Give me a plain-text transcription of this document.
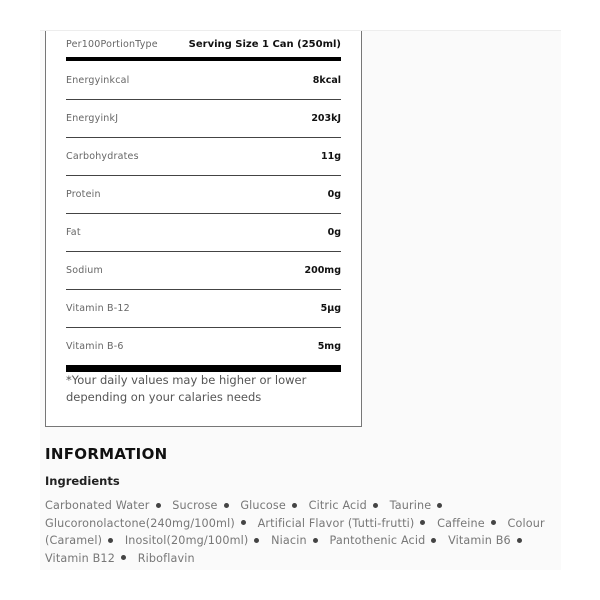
Per100PortionType	Serving Size 1 Can (250ml)
Energyinkcal	8kcal
EnergyinkJ	203kJ
Carbohydrates	11g
Protein	0g
Fat	0g
Sodium	200mg
Vitamin B-12	5µg
Vitamin B-6	5mg
*Your daily values may be higher or lower depending on your calaries needs
INFORMATION
Ingredients
Carbonated Water Sucrose Glucose Citric Acid Taurine
Glucoronolactone(240mg/100ml) Artificial Flavor (Tutti-frutti) Caffeine Colour (Caramel) Inositol(20mg/100ml) Niacin Pantothenic Acid Vitamin B6
Vitamin B12 Riboflavin
